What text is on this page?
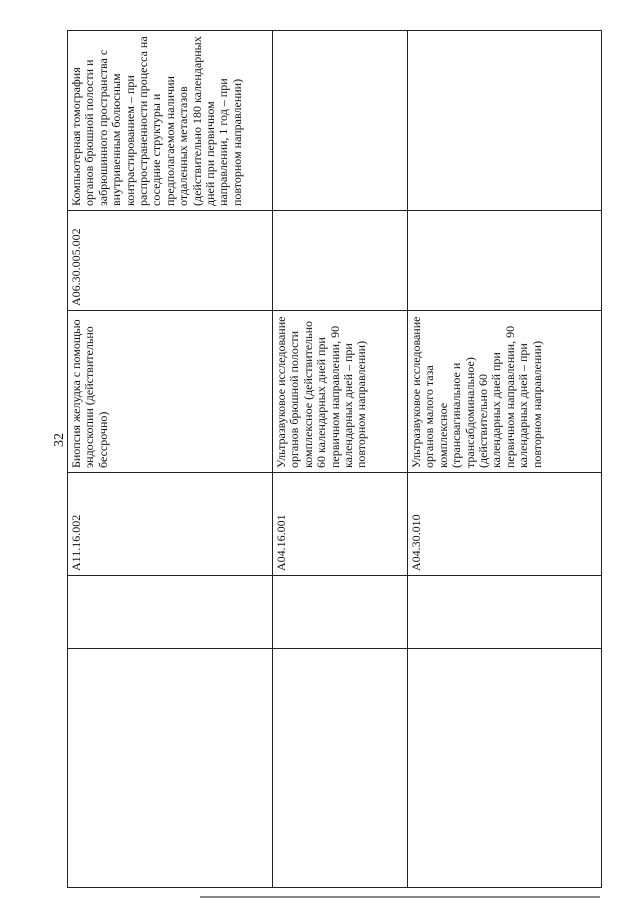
32
Компьютерная томография органов брюшной полости и забрюшинного пространства с внутривенным болюсным контрастированием – при распространенности процесса на соседние структуры и предполагаемом наличии отдаленных метастазов (действительно 180 календарных дней при первичном направлении, 1 год – при повторном направлении)
A06.30.005.002
Биопсия желудка с помощью эндоскопии (действительно бессрочно)
A11.16.002
Ультразвуковое исследование органов брюшной полости комплексное (действительно 60 календарных дней при первичном направлении, 90 календарных дней – при повторном направлении)
A04.16.001
Ультразвуковое исследование органов малого таза комплексное (трансвагинальное и трансабдоминальное) (действительно 60 календарных дней при первичном направлении, 90 календарных дней – при повторном направлении)
A04.30.010
